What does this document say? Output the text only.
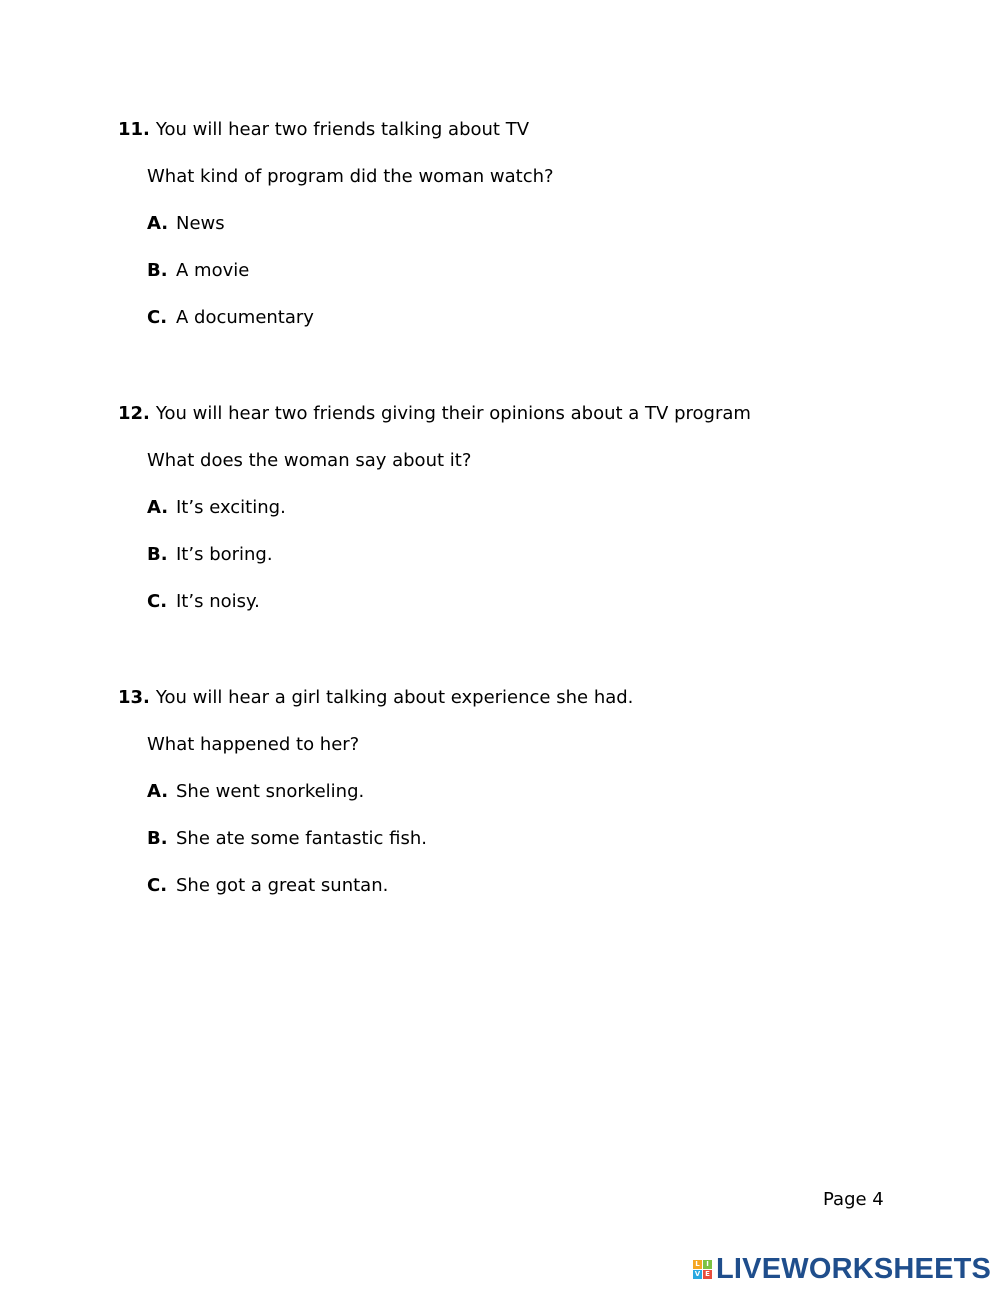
11. You will hear two friends talking about TV
What kind of program did the woman watch?
A. News
B. A movie
C. A documentary
12. You will hear two friends giving their opinions about a TV program
What does the woman say about it?
A. It’s exciting.
B. It’s boring.
C. It’s noisy.
13. You will hear a girl talking about experience she had.
What happened to her?
A. She went snorkeling.
B. She ate some fantastic fish.
C. She got a great suntan.
Page 4
L I
V E LIVEWORKSHEETS
